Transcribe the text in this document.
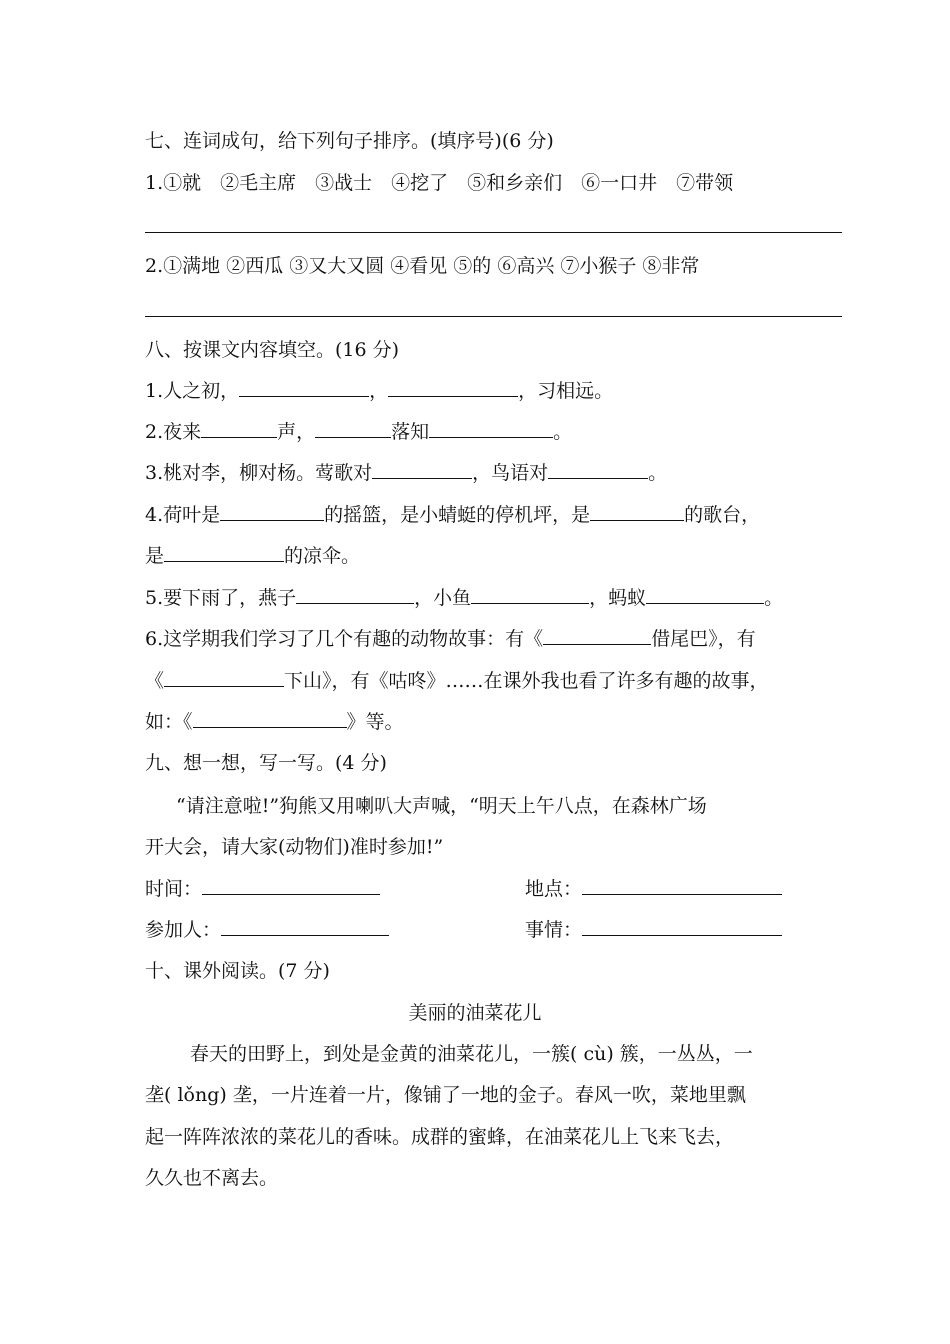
七、连词成句，给下列句子排序。(填序号)(6 分)
1.①就　②毛主席　③战士　④挖了　⑤和乡亲们　⑥一口井　⑦带领
2.①满地 ②西瓜 ③又大又圆 ④看见 ⑤的 ⑥高兴 ⑦小猴子 ⑧非常
八、按课文内容填空。(16 分)
1.人之初，	，	，习相远。
2.夜来	声，	落知	。
3.桃对李，柳对杨。莺歌对	，鸟语对	。
4.荷叶是	的摇篮，是小蜻蜓的停机坪，是	的歌台，
是	的凉伞。
5.要下雨了，燕子	，小鱼	，蚂蚁	。
6.这学期我们学习了几个有趣的动物故事：有《	借尾巴》，有
《	下山》，有《咕咚》……在课外我也看了许多有趣的故事，
如：《	》等。
九、想一想，写一写。(4 分)
“请注意啦!”狗熊又用喇叭大声喊，“明天上午八点，在森林广场
开大会，请大家(动物们)准时参加!”
时间：	地点：
参加人：	事情：
十、课外阅读。(7 分)
美丽的油菜花儿
春天的田野上，到处是金黄的油菜花儿，一簇( cù) 簇，一丛丛，一
垄( lǒng) 垄，一片连着一片，像铺了一地的金子。春风一吹，菜地里飘
起一阵阵浓浓的菜花儿的香味。成群的蜜蜂，在油菜花儿上飞来飞去，
久久也不离去。
